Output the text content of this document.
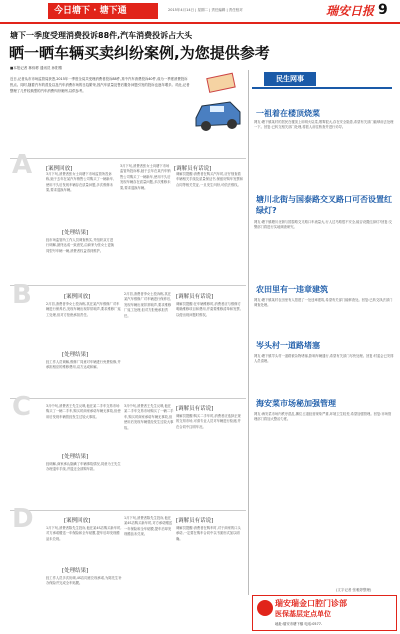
今日塘下 · 塘下通	2015年4月14日 | 星期二 | 责任编辑 | 责任校对	瑞安日报 9
塘下一季度受理消费投诉88件,汽车消费投诉占大头
晒一晒车辆买卖纠纷案例,为您提供参考
■本报记者 林伟彬 通讯员 孙阳骞
近日,记者从市市场监管局获悉,2015年一季度全局共受理消费者投诉88件,其中汽车消费投诉40件,成为一季度消费投诉热点。同时,随着汽车的普及以及汽车消费市场的日趋繁荣,因汽车质量及售后服务问题引发的投诉也逐年增多。对此,记者整理了几件较典型的汽车消费纠纷案例,以供参考。
A	[案例回放]
3月下旬,消费者张女士向塘下市场监管所投诉称,她于去年在某汽车销售公司购买了一辆新车,使用不久后发现车辆存在质量问题,多次维修未果,要求退换车辆。
[处理结果]
经市场监管所工作人员调查核实,并组织双方进行调解,最终达成一致意见,由商家为张女士更换同型号车辆一辆,消费者权益得到维护。
3月下旬,消费者张女士向塘下市场监管所投诉称,她于去年在某汽车销售公司购买了一辆新车,使用不久后发现车辆存在质量问题,多次维修未果,要求退换车辆。
[调解员有话说]
调解员提醒:消费者在购买汽车时,应仔细查看车辆相关手续及质量保证书,保留好购车发票和合同等相关凭证,一旦发生纠纷,可依法维权。
B	[案例回放]
2月初,消费者李女士投诉称,其在某汽车维修厂对车辆进行保养后,发现车辆出现异常响声,要求维修厂返工处理,但对方拒绝承担责任。
[处理结果]
经工作人员调解,维修厂同意对车辆进行免费检修,并承担相应的维修费用,双方达成和解。
2月初,消费者李女士投诉称,其在某汽车维修厂对车辆进行保养后,发现车辆出现异常响声,要求维修厂返工处理,但对方拒绝承担责任。
[调解员有话说]
调解员提醒:在车辆维修时,消费者应与维修方明确维修项目和费用,并索要维修清单和发票,以便出现问题时维权。
C	3月中旬,消费者王先生反映,他在某二手车交易市场购买了一辆二手车,购买时商家承诺车辆无事故,但使用后发现车辆曾经发生过较大事故。
[处理结果]
经调解,商家承认隐瞒了车辆事故情况,同意为王先生办理退车手续,并退还全部购车款。
3月中旬,消费者王先生反映,他在某二手车交易市场购买了一辆二手车,购买时商家承诺车辆无事故,但使用后发现车辆曾经发生过较大事故。
[调解员有话说]
调解员提醒:购买二手车时,消费者应选择正规的交易市场,可请专业人员对车辆进行检测,并在合同中注明车况。
D	[案例回放]
1月下旬,消费者陈先生投诉,他在某4S店购买新车时,对方承诺赠送一年保险和全车贴膜,提车后却发现赠品未兑现。
[处理结果]
经工作人员多次协调,4S店同意兑现承诺,为陈先生补办保险并完成全车贴膜。
1月下旬,消费者陈先生投诉,他在某4S店购买新车时,对方承诺赠送一年保险和全车贴膜,提车后却发现赠品未兑现。
[调解员有话说]
调解员提醒:消费者在购车时,对于商家的口头承诺,一定要在购车合同中以书面形式加以明确。
民生网事
一祖着在楼顶烧菜
网友:塘下镇某村的居民在楼顶上用明火烧菜,烟雾很大,存在安全隐患,希望有关部门能够前去处理一下。回复:已转交相关部门处理,将派人前往核查并进行劝导。
塘川北街与国泰路交叉路口可否设置红绿灯?
网友:塘下镇塘川北街与国泰路交叉路口车流量大,行人过马路很不安全,能否设置红绿灯?回复:交警部门将进行实地调查研究。
农田里有一违章建筑
网友:塘下镇某村农田里有人搭建了一处违章建筑,希望有关部门能够查处。回复:已转交执法部门调查处理。
岑头村一道路堵塞
网友:塘下镇岑头村一道路被杂物堵塞,影响车辆通行,希望有关部门尽快处理。回复:村委会已安排人员清理。
海安菜市场秘加强管理
网友:海安菜市场内秩序混乱,摊位占道经营现象严重,环境卫生较差,希望加强管理。回复:市场管理部门将加大整治力度。
(文字记者 张雅婷整理)
瑞安瑞金口腔门诊部
医保基层定点单位
地址:瑞安市塘下镇 电话:0577-
